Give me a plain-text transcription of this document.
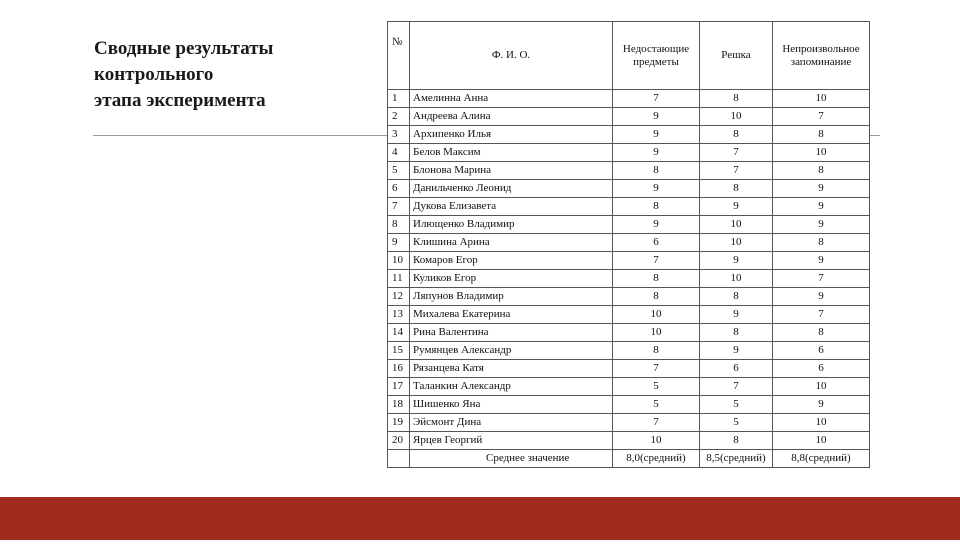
Сводные результаты
контрольного
этапа эксперимента
№	Ф. И. О.	Недостающие предметы	Решка	Непроизвольное запоминание
1	Амелинна Анна	7	8	10
2	Андреева Алина	9	10	7
3	Архипенко Илья	9	8	8
4	Белов Максим	9	7	10
5	Блонова Марина	8	7	8
6	Данильченко Леонид	9	8	9
7	Дукова Елизавета	8	9	9
8	Илющенко Владимир	9	10	9
9	Клишина Арина	6	10	8
10	Комаров Егор	7	9	9
11	Куликов Егор	8	10	7
12	Ляпунов Владимир	8	8	9
13	Михалева Екатерина	10	9	7
14	Рина Валентина	10	8	8
15	Румянцев Александр	8	9	6
16	Рязанцева Катя	7	6	6
17	Таланкин Александр	5	7	10
18	Шишенко Яна	5	5	9
19	Эйсмонт Дина	7	5	10
20	Ярцев Георгий	10	8	10
	Среднее значение	8,0(средний)	8,5(средний)	8,8(средний)
